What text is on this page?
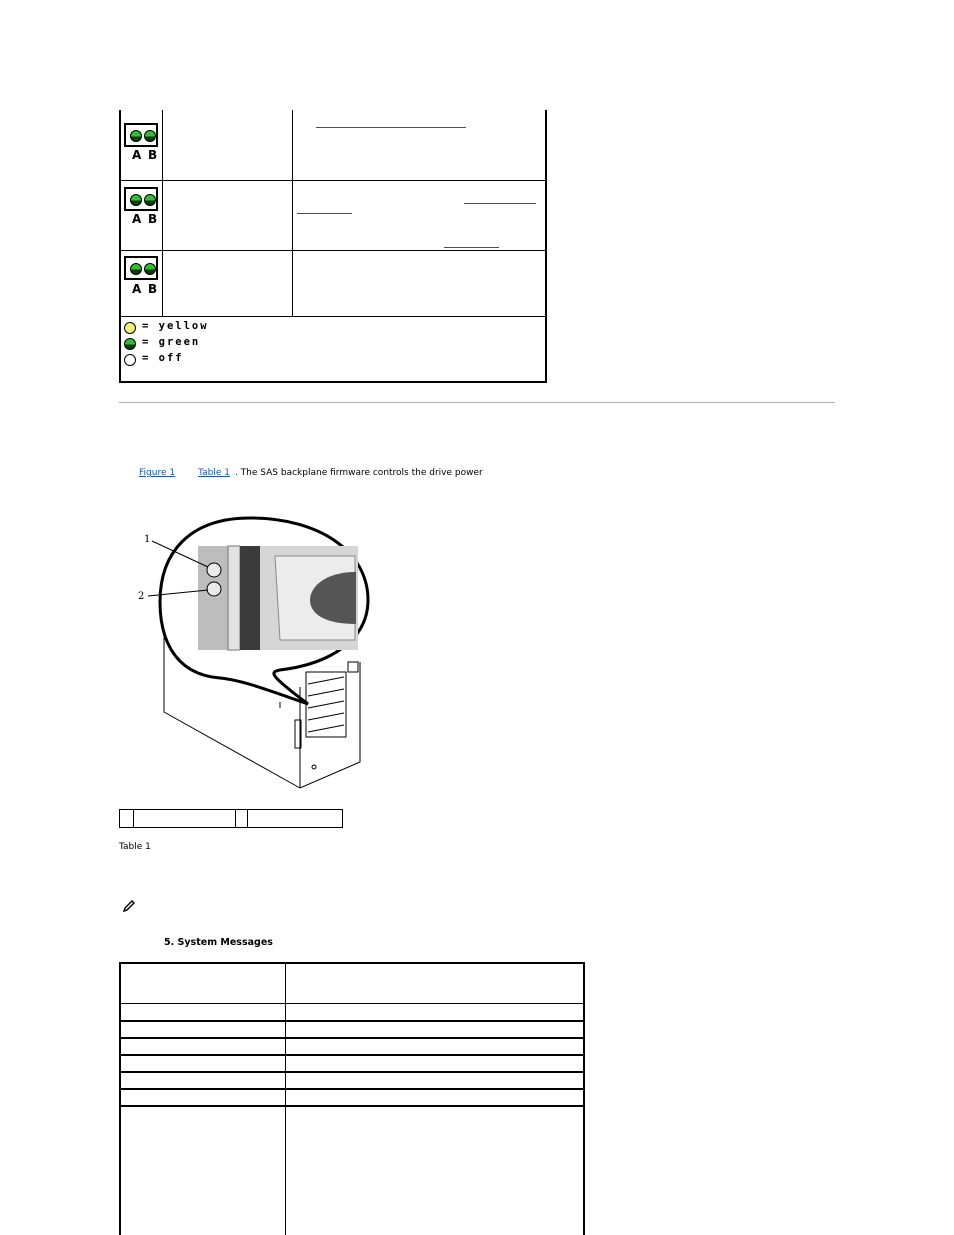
A B
A B
A B
= yellow
= green
= off
Figure 1	Table 1 . The SAS backplane firmware controls the drive power
1
2
Table 1
5. System Messages
